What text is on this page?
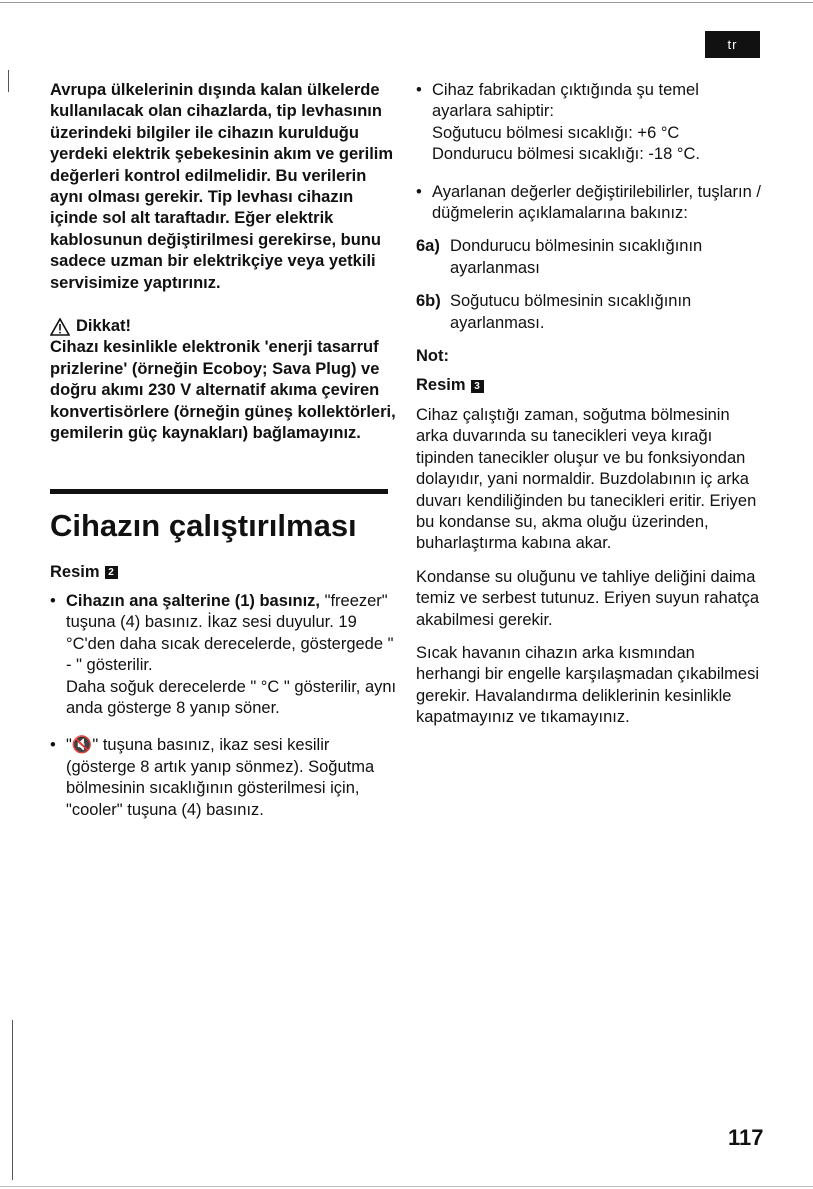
tr

Avrupa ülkelerinin dışında kalan ülkelerde kullanılacak olan cihazlarda, tip levhasının üzerindeki bilgiler ile cihazın kurulduğu yerdeki elektrik şebekesinin akım ve gerilim değerleri kontrol edilmelidir. Bu verilerin aynı olması gerekir. Tip levhası cihazın içinde sol alt taraftadır. Eğer elektrik kablosunun değiştirilmesi gerekirse, bunu sadece uzman bir elektrikçiye veya yetkili servisimize yaptırınız.

Dikkat!

Cihazı kesinlikle elektronik 'enerji tasarruf prizlerine' (örneğin Ecoboy; Sava Plug) ve doğru akımı 230 V alternatif akıma çeviren konvertisörlere (örneğin güneş kollektörleri, gemilerin güç kaynakları) bağlamayınız.

Cihazın çalıştırılması
Resim 2
• Cihazın ana şalterine (1) basınız, "freezer" tuşuna (4) basınız. İkaz sesi duyulur. 19 °C'den daha sıcak derecelerde, göstergede " - " gösterilir.
Daha soğuk derecelerde " °C " gösterilir, aynı anda gösterge 8 yanıp söner.
• "🔇" tuşuna basınız, ikaz sesi kesilir (gösterge 8 artık yanıp sönmez). Soğutma bölmesinin sıcaklığının gösterilmesi için, "cooler" tuşuna (4) basınız.
• Cihaz fabrikadan çıktığında şu temel ayarlara sahiptir:
Soğutucu bölmesi sıcaklığı: +6 °C
Dondurucu bölmesi sıcaklığı: -18 °C.
• Ayarlanan değerler değiştirilebilirler, tuşların / düğmelerin açıklamalarına bakınız:
6a) Dondurucu bölmesinin sıcaklığının ayarlanması
6b) Soğutucu bölmesinin sıcaklığının ayarlanması.

Not:

Resim 3

Cihaz çalıştığı zaman, soğutma bölmesinin arka duvarında su tanecikleri veya kırağı tipinden tanecikler oluşur ve bu fonksiyondan dolayıdır, yani normaldir. Buzdolabının iç arka duvarı kendiliğinden bu tanecikleri eritir. Eriyen bu kondanse su, akma oluğu üzerinden, buharlaştırma kabına akar.

Kondanse su oluğunu ve tahliye deliğini daima temiz ve serbest tutunuz. Eriyen suyun rahatça akabilmesi gerekir.

Sıcak havanın cihazın arka kısmından herhangi bir engelle karşılaşmadan çıkabilmesi gerekir. Havalandırma deliklerinin kesinlikle kapatmayınız ve tıkamayınız.

117
